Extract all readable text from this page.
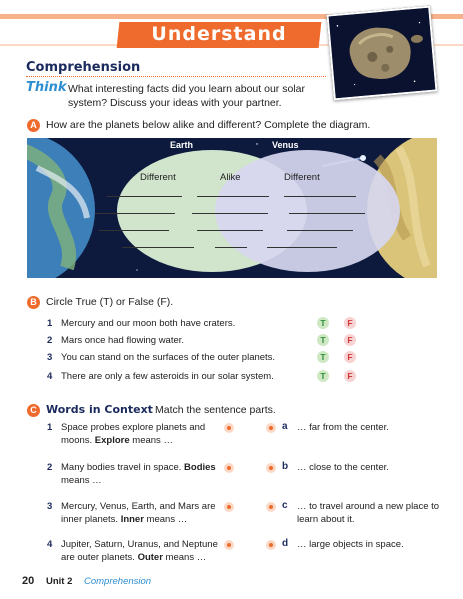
Understand
Comprehension
Think What interesting facts did you learn about our solar system? Discuss your ideas with your partner.
A How are the planets below alike and different? Complete the diagram.
Earth	Venus
Different	Alike	Different
B Circle True (T) or False (F).
1 Mercury and our moon both have craters.	T	F
2 Mars once had flowing water.	T	F
3 You can stand on the surfaces of the outer planets.	T	F
4 There are only a few asteroids in our solar system.	T	F
C Words in Context Match the sentence parts.
1 Space probes explore planets and moons. Explore means …
a … far from the center.
2 Many bodies travel in space. Bodies means …
b … close to the center.
3 Mercury, Venus, Earth, and Mars are inner planets. Inner means …
c … to travel around a new place to learn about it.
4 Jupiter, Saturn, Uranus, and Neptune are outer planets. Outer means …
d … large objects in space.
20 Unit 2 Comprehension
